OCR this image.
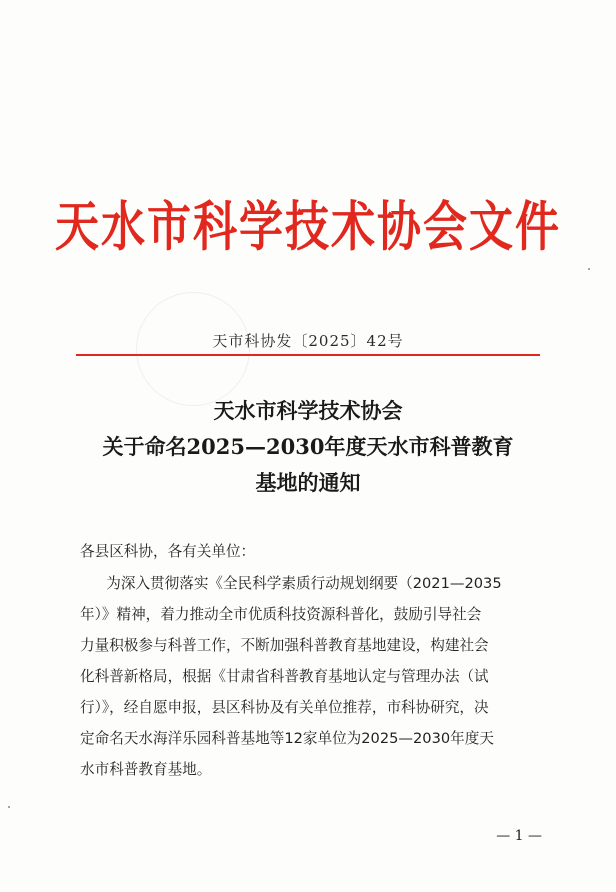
天水市科学技术协会文件
天市科协发〔2025〕42号
天水市科学技术协会
关于命名2025—2030年度天水市科普教育
基地的通知
各县区科协，各有关单位：
为深入贯彻落实《全民科学素质行动规划纲要（2021—2035
年）》精神，着力推动全市优质科技资源科普化，鼓励引导社会
力量积极参与科普工作，不断加强科普教育基地建设，构建社会
化科普新格局，根据《甘肃省科普教育基地认定与管理办法（试
行）》，经自愿申报，县区科协及有关单位推荐，市科协研究，决
定命名天水海洋乐园科普基地等12家单位为2025—2030年度天
水市科普教育基地。
— 1 —
